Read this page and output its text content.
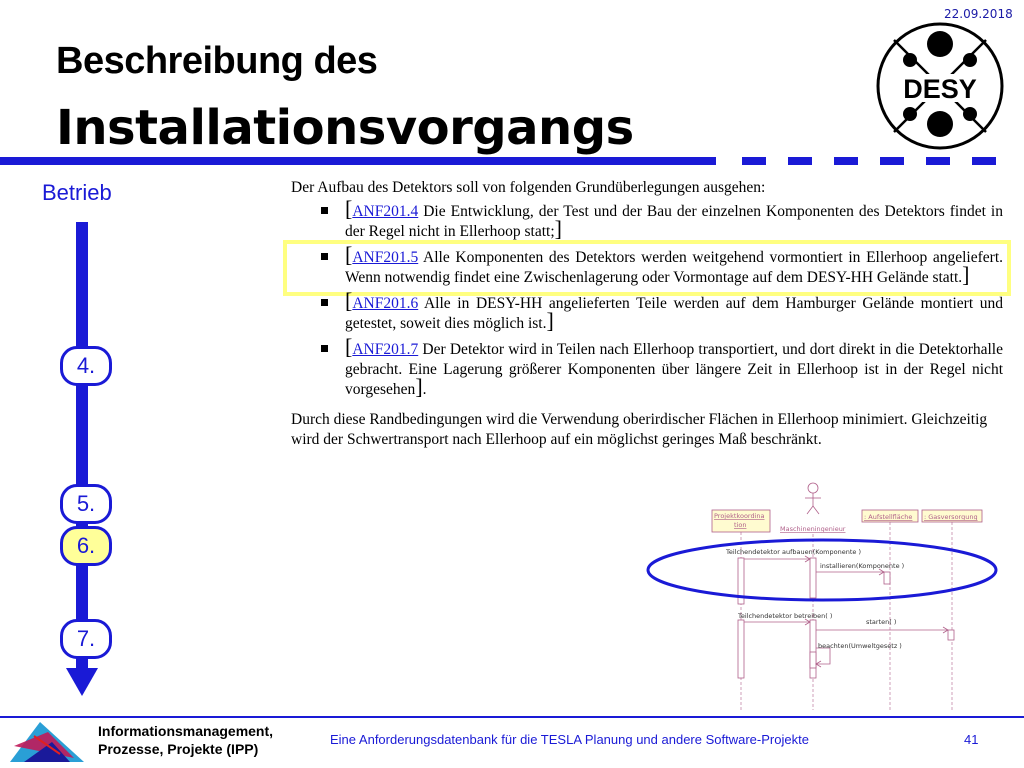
22.09.2018
Beschreibung des
Installationsvorgangs
DESY
Betrieb
4.
5.
6.
7.

Der Aufbau des Detektors soll von folgenden Grundüberlegungen ausgehen:

[ANF201.4 Die Entwicklung, der Test und der Bau der einzelnen Komponenten des Detektors findet in der Regel nicht in Ellerhoop statt;]
[ANF201.5 Alle Komponenten des Detektors werden weitgehend vormontiert in Ellerhoop angeliefert. Wenn notwendig findet eine Zwischenlagerung oder Vormontage auf dem DESY-HH Gelände statt.]
[ANF201.6 Alle in DESY-HH angelieferten Teile werden auf dem Hamburger Gelände montiert und getestet, soweit dies möglich ist.]
[ANF201.7 Der Detektor wird in Teilen nach Ellerhoop transportiert, und dort direkt in die Detektorhalle gebracht. Eine Lagerung größerer Komponenten über längere Zeit in Ellerhoop ist in der Regel nicht vorgesehen].

Durch diese Randbedingungen wird die Verwendung oberirdischer Flächen in Ellerhoop minimiert. Gleichzeitig wird der Schwertransport nach Ellerhoop auf ein möglichst geringes Maß beschränkt.

Projektkoordina
tion	Maschineningenieur
: Aufstellfläche : Gasversorgung
Teilchendetektor aufbauen(Komponente )
installieren(Komponente )
Teilchendetektor betreiben( )
starten( )
beachten(Umweltgesetz )
Informationsmanagement,
Prozesse, Projekte (IPP)
Eine Anforderungsdatenbank für die TESLA Planung und andere Software-Projekte	41
